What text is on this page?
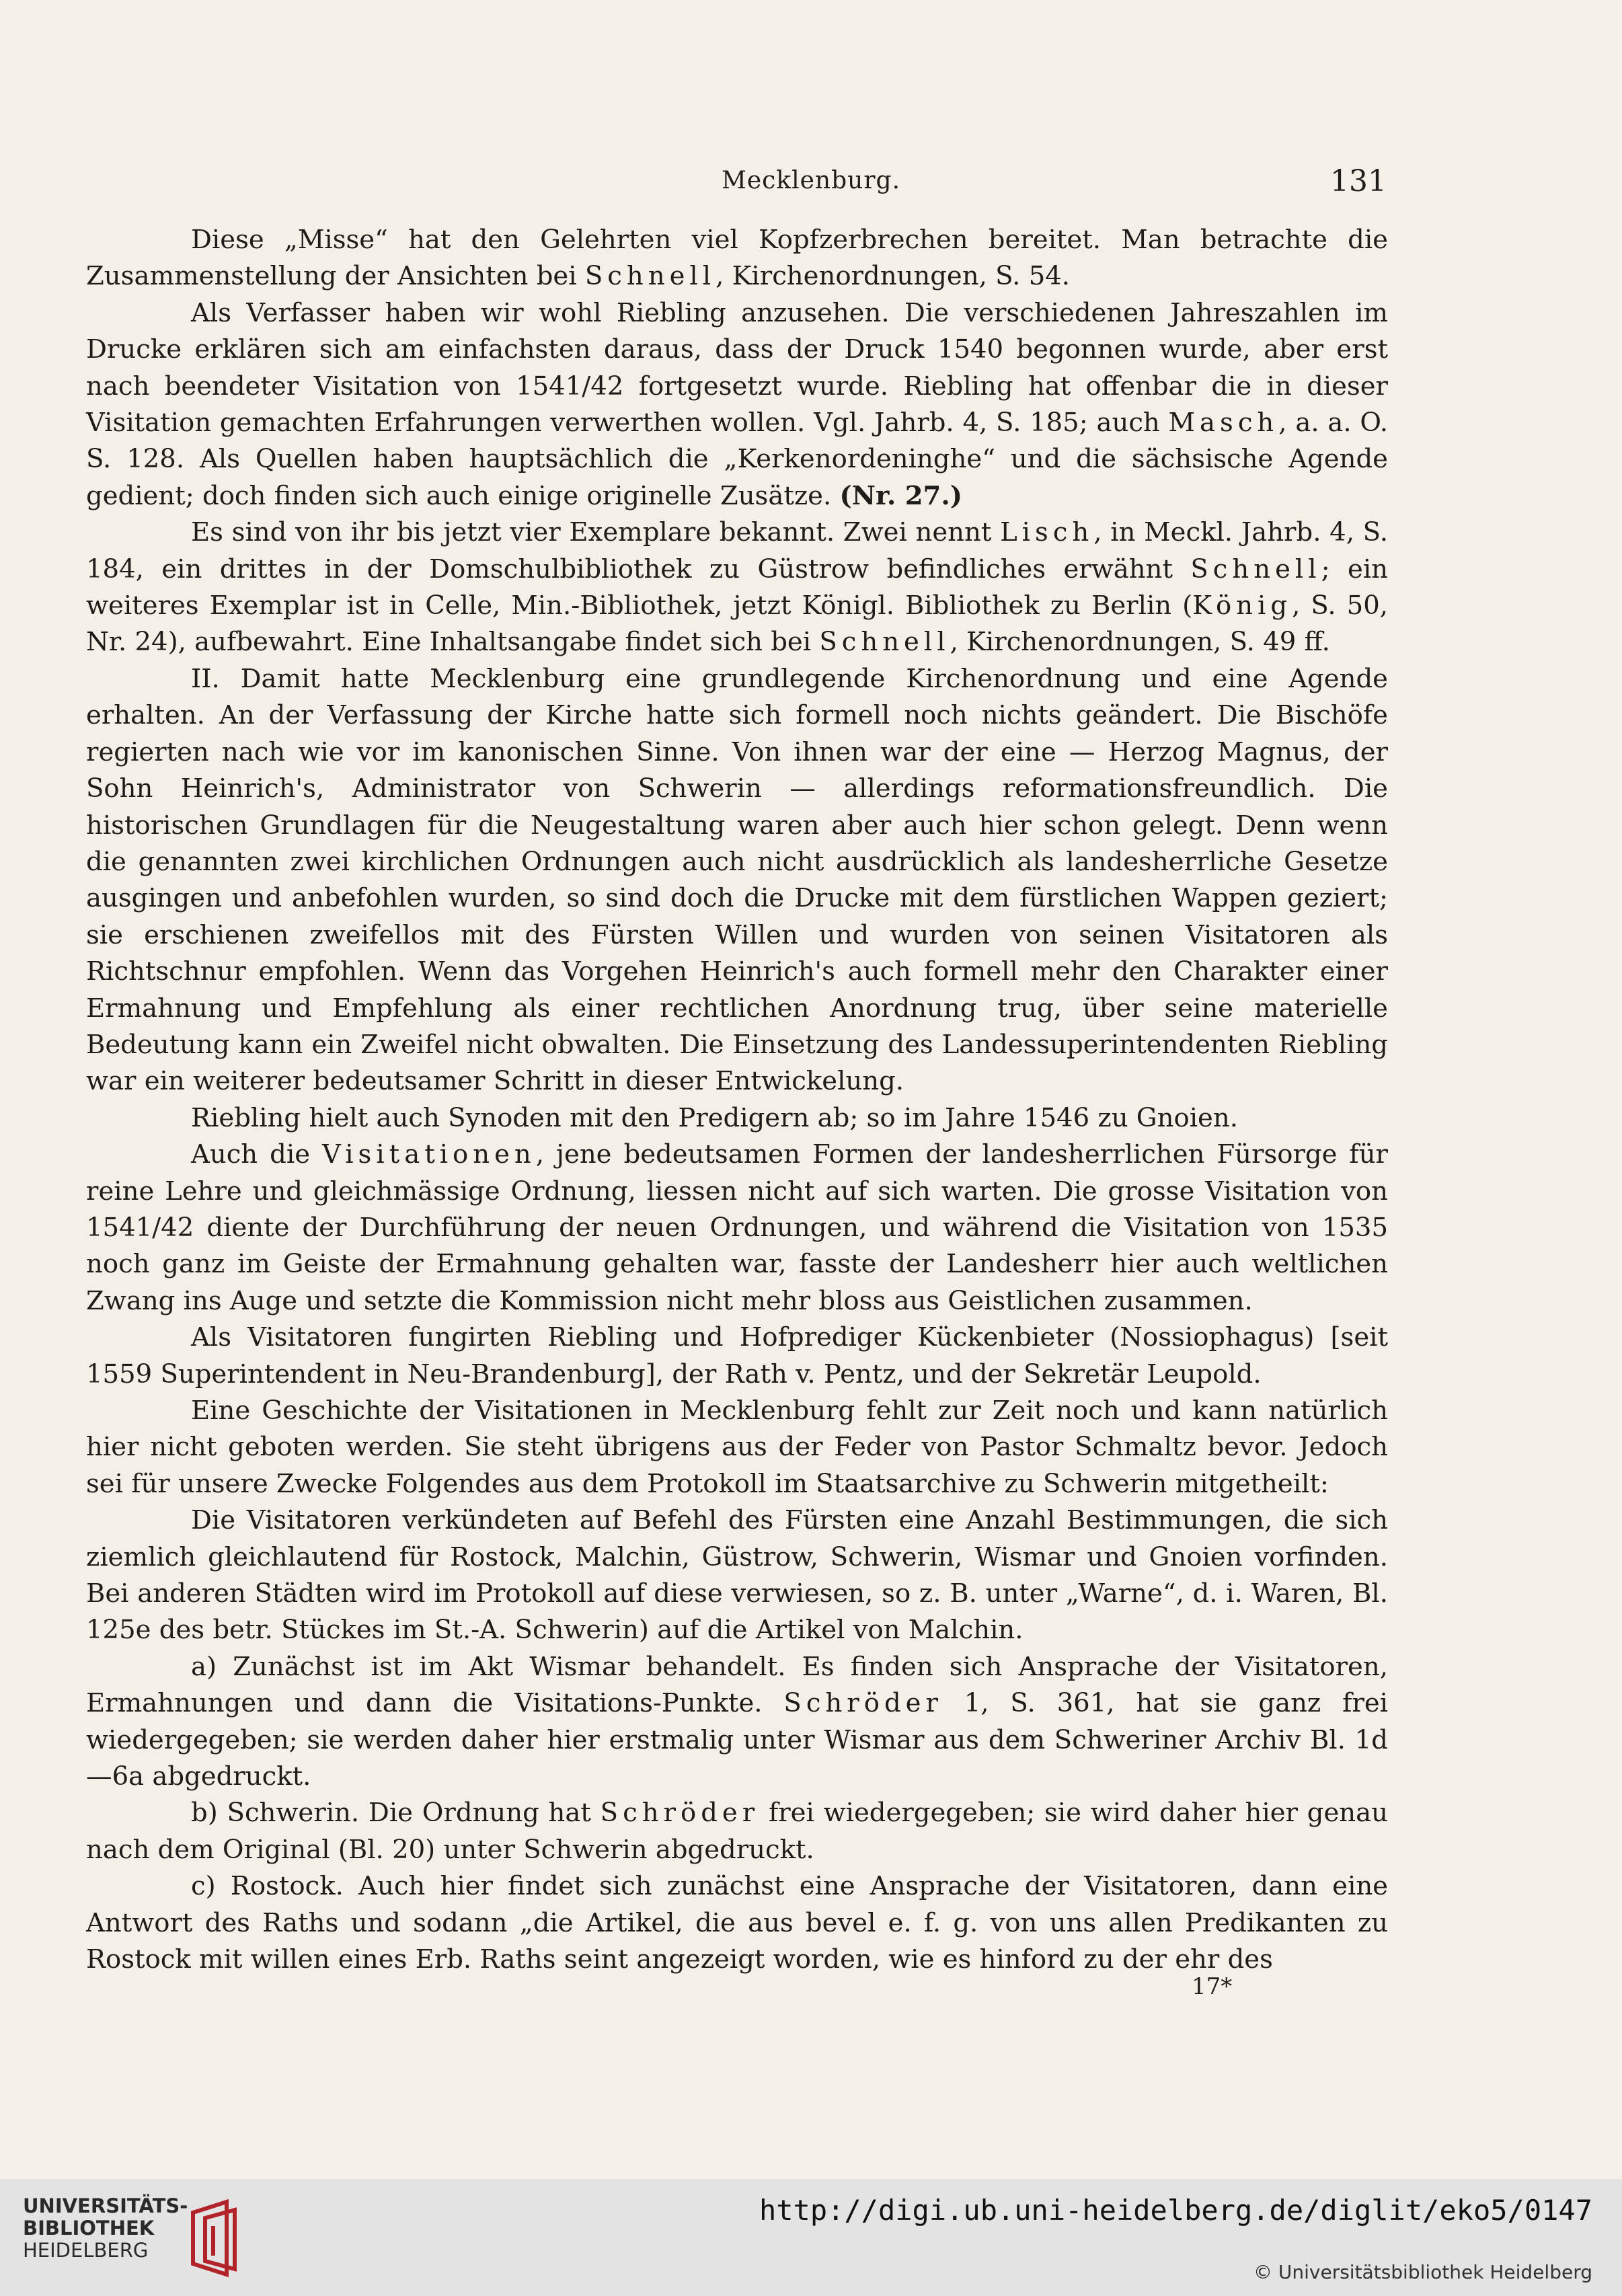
Mecklenburg.	131

Diese „Misse“ hat den Gelehrten viel Kopfzerbrechen bereitet. Man betrachte die Zusammenstellung der Ansichten bei Schnell, Kirchenordnungen, S. 54.

Als Verfasser haben wir wohl Riebling anzusehen. Die verschiedenen Jahreszahlen im Drucke erklären sich am einfachsten daraus, dass der Druck 1540 begonnen wurde, aber erst nach beendeter Visitation von 1541/42 fortgesetzt wurde. Riebling hat offenbar die in dieser Visitation gemachten Erfahrungen verwerthen wollen. Vgl. Jahrb. 4, S. 185; auch Masch, a. a. O. S. 128. Als Quellen haben hauptsächlich die „Kerkenordeninghe“ und die sächsische Agende gedient; doch finden sich auch einige originelle Zusätze. (Nr. 27.)

Es sind von ihr bis jetzt vier Exemplare bekannt. Zwei nennt Lisch, in Meckl. Jahrb. 4, S. 184, ein drittes in der Domschulbibliothek zu Güstrow befindliches erwähnt Schnell; ein weiteres Exemplar ist in Celle, Min.-Bibliothek, jetzt Königl. Bibliothek zu Berlin (König, S. 50, Nr. 24), aufbewahrt. Eine Inhaltsangabe findet sich bei Schnell, Kirchenordnungen, S. 49 ff.

II. Damit hatte Mecklenburg eine grundlegende Kirchenordnung und eine Agende erhalten. An der Verfassung der Kirche hatte sich formell noch nichts geändert. Die Bischöfe regierten nach wie vor im kanonischen Sinne. Von ihnen war der eine — Herzog Magnus, der Sohn Heinrich's, Administrator von Schwerin — allerdings reformationsfreundlich. Die historischen Grundlagen für die Neugestaltung waren aber auch hier schon gelegt. Denn wenn die genannten zwei kirchlichen Ordnungen auch nicht ausdrücklich als landesherrliche Gesetze ausgingen und anbefohlen wurden, so sind doch die Drucke mit dem fürstlichen Wappen geziert; sie erschienen zweifellos mit des Fürsten Willen und wurden von seinen Visitatoren als Richtschnur empfohlen. Wenn das Vorgehen Heinrich's auch formell mehr den Charakter einer Ermahnung und Empfehlung als einer rechtlichen Anordnung trug, über seine materielle Bedeutung kann ein Zweifel nicht obwalten. Die Einsetzung des Landessuperintendenten Riebling war ein weiterer bedeutsamer Schritt in dieser Entwickelung.

Riebling hielt auch Synoden mit den Predigern ab; so im Jahre 1546 zu Gnoien.

Auch die Visitationen, jene bedeutsamen Formen der landesherrlichen Fürsorge für reine Lehre und gleichmässige Ordnung, liessen nicht auf sich warten. Die grosse Visitation von 1541/42 diente der Durchführung der neuen Ordnungen, und während die Visitation von 1535 noch ganz im Geiste der Ermahnung gehalten war, fasste der Landesherr hier auch weltlichen Zwang ins Auge und setzte die Kommission nicht mehr bloss aus Geistlichen zusammen.

Als Visitatoren fungirten Riebling und Hofprediger Kückenbieter (Nossiophagus) [seit 1559 Superintendent in Neu-Brandenburg], der Rath v. Pentz, und der Sekretär Leupold.

Eine Geschichte der Visitationen in Mecklenburg fehlt zur Zeit noch und kann natürlich hier nicht geboten werden. Sie steht übrigens aus der Feder von Pastor Schmaltz bevor. Jedoch sei für unsere Zwecke Folgendes aus dem Protokoll im Staatsarchive zu Schwerin mitgetheilt:

Die Visitatoren verkündeten auf Befehl des Fürsten eine Anzahl Bestimmungen, die sich ziemlich gleichlautend für Rostock, Malchin, Güstrow, Schwerin, Wismar und Gnoien vorfinden. Bei anderen Städten wird im Protokoll auf diese verwiesen, so z. B. unter „Warne“, d. i. Waren, Bl. 125e des betr. Stückes im St.-A. Schwerin) auf die Artikel von Malchin.

a) Zunächst ist im Akt Wismar behandelt. Es finden sich Ansprache der Visitatoren, Ermahnungen und dann die Visitations-Punkte. Schröder 1, S. 361, hat sie ganz frei wiedergegeben; sie werden daher hier erstmalig unter Wismar aus dem Schweriner Archiv Bl. 1d—6a abgedruckt.

b) Schwerin. Die Ordnung hat Schröder frei wiedergegeben; sie wird daher hier genau nach dem Original (Bl. 20) unter Schwerin abgedruckt.

c) Rostock. Auch hier findet sich zunächst eine Ansprache der Visitatoren, dann eine Antwort des Raths und sodann „die Artikel, die aus bevel e. f. g. von uns allen Predikanten zu Rostock mit willen eines Erb. Raths seint angezeigt worden, wie es hinford zu der ehr des

17*
UNIVERSITÄTS-
BIBLIOTHEK
HEIDELBERG
http://digi.ub.uni-heidelberg.de/diglit/eko5/0147
© Universitätsbibliothek Heidelberg
